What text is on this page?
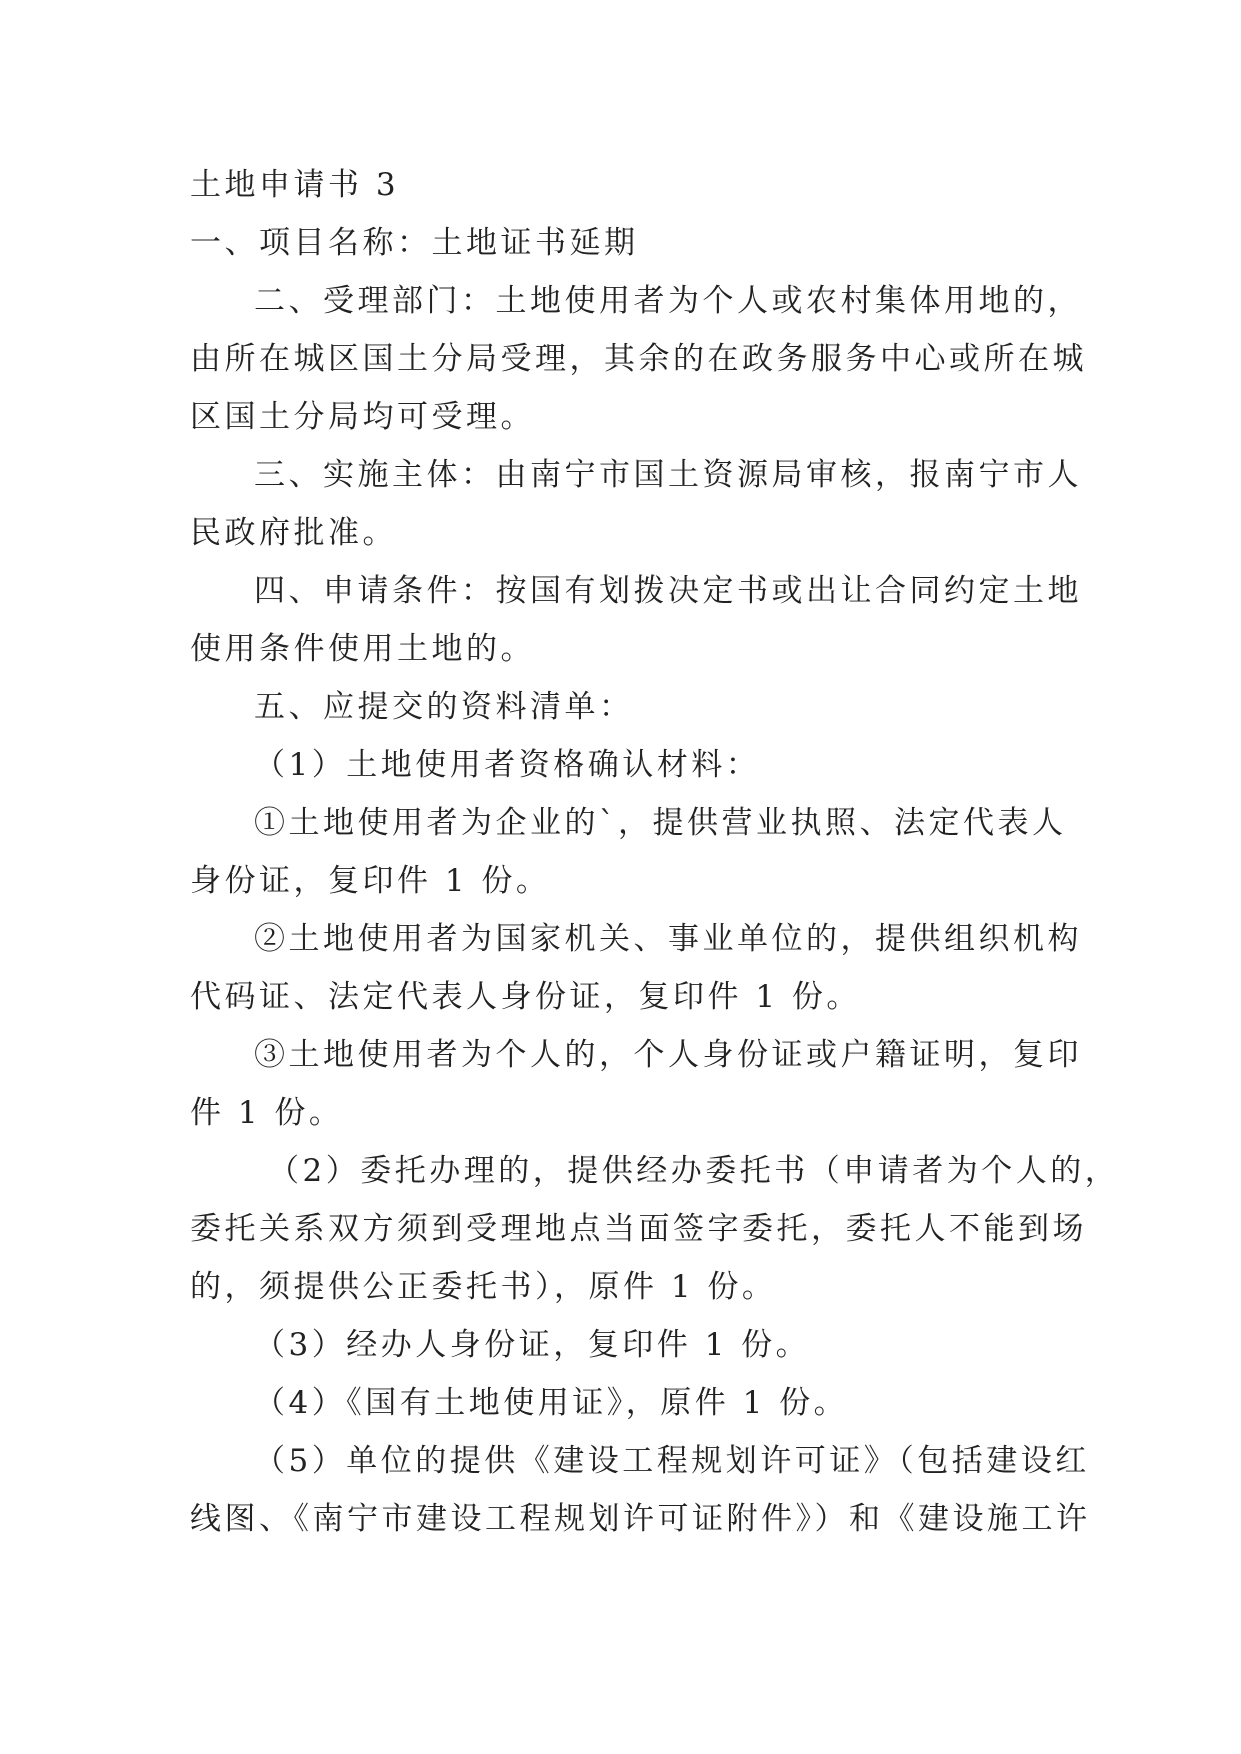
土地申请书 3
一、项目名称：土地证书延期
二、受理部门：土地使用者为个人或农村集体用地的，
由所在城区国土分局受理，其余的在政务服务中心或所在城
区国土分局均可受理。
三、实施主体：由南宁市国土资源局审核，报南宁市人
民政府批准。
四、申请条件：按国有划拨决定书或出让合同约定土地
使用条件使用土地的。
五、应提交的资料清单：
（1）土地使用者资格确认材料：
①土地使用者为企业的`，提供营业执照、法定代表人
身份证，复印件 1 份。
②土地使用者为国家机关、事业单位的，提供组织机构
代码证、法定代表人身份证，复印件 1 份。
③土地使用者为个人的，个人身份证或户籍证明，复印
件 1 份。
（2）委托办理的，提供经办委托书（申请者为个人的，
委托关系双方须到受理地点当面签字委托，委托人不能到场
的，须提供公正委托书），原件 1 份。
（3）经办人身份证，复印件 1 份。
（4）《国有土地使用证》，原件 1 份。
（5）单位的提供《建设工程规划许可证》（包括建设红
线图、《南宁市建设工程规划许可证附件》）和《建设施工许
